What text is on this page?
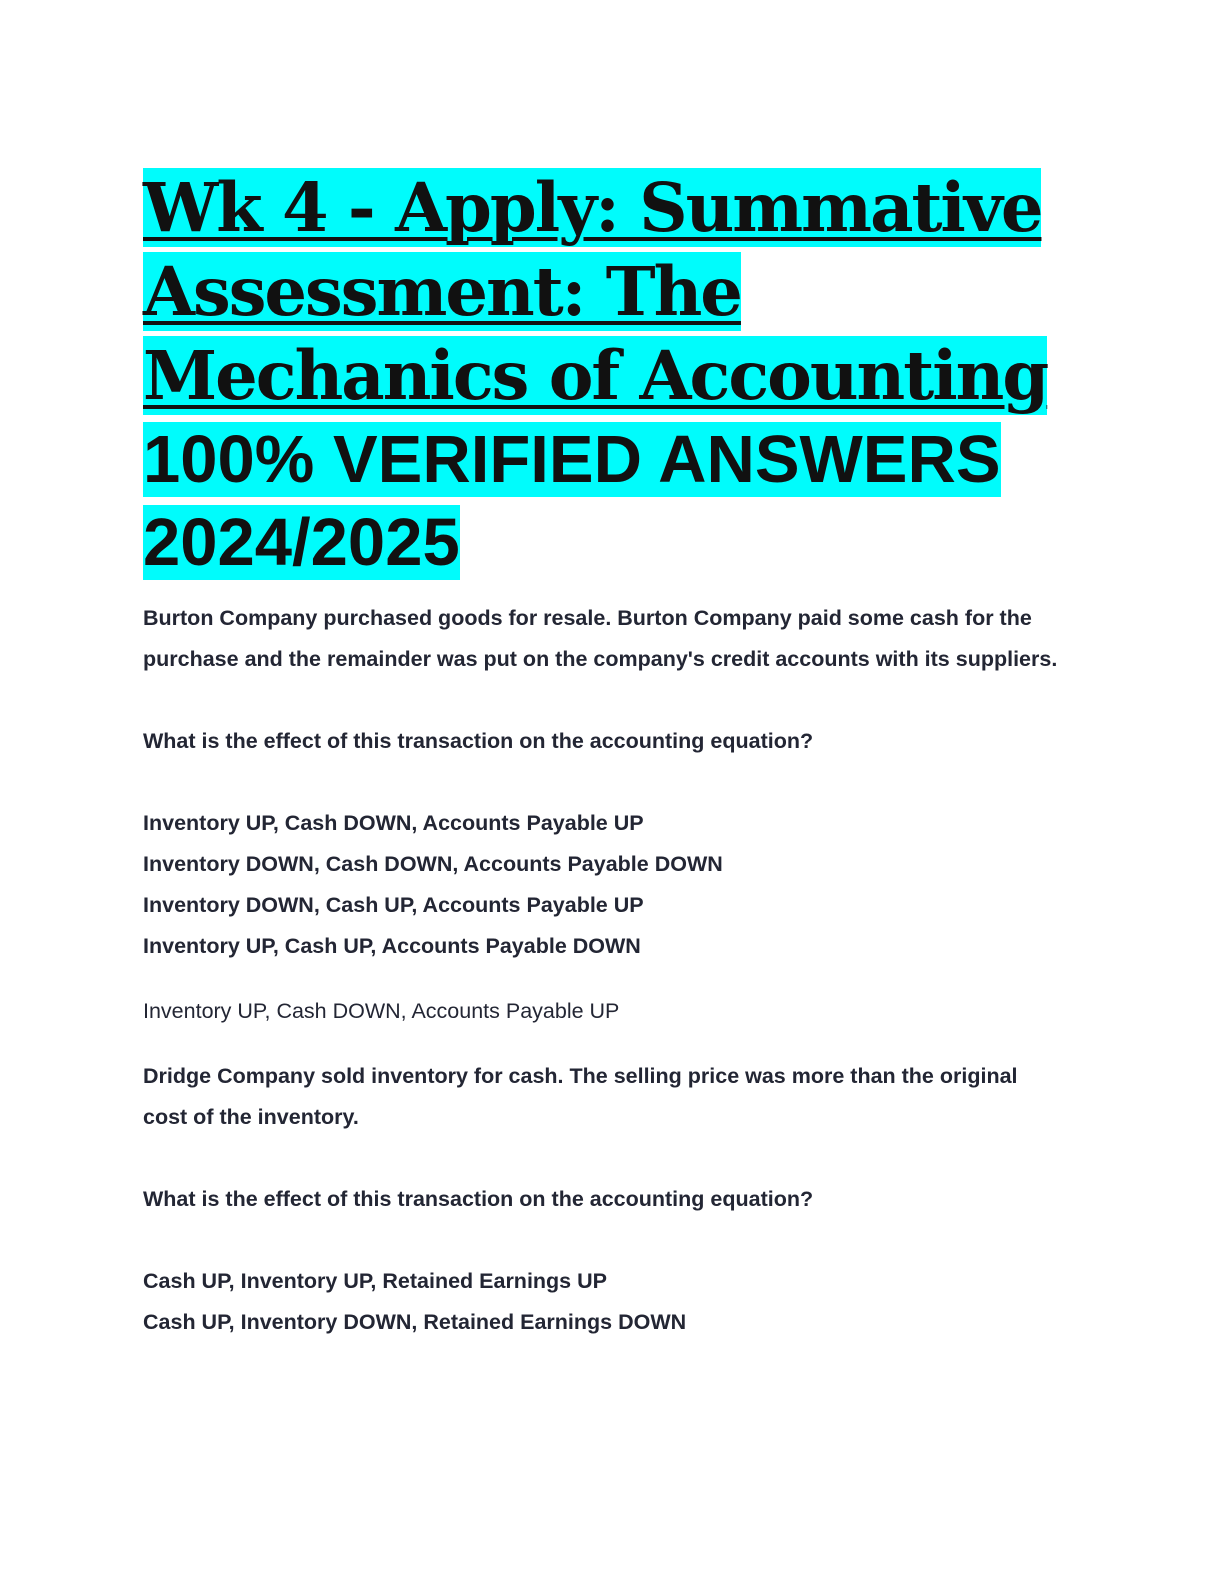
Wk 4 - Apply: Summative Assessment: The Mechanics of Accounting 100% VERIFIED ANSWERS 2024/2025

Burton Company purchased goods for resale. Burton Company paid some cash for the purchase and the remainder was put on the company's credit accounts with its suppliers.

What is the effect of this transaction on the accounting equation?

Inventory UP, Cash DOWN, Accounts Payable UP

Inventory DOWN, Cash DOWN, Accounts Payable DOWN

Inventory DOWN, Cash UP, Accounts Payable UP

Inventory UP, Cash UP, Accounts Payable DOWN

Inventory UP, Cash DOWN, Accounts Payable UP

Dridge Company sold inventory for cash. The selling price was more than the original cost of the inventory.

What is the effect of this transaction on the accounting equation?

Cash UP, Inventory UP, Retained Earnings UP

Cash UP, Inventory DOWN, Retained Earnings DOWN
